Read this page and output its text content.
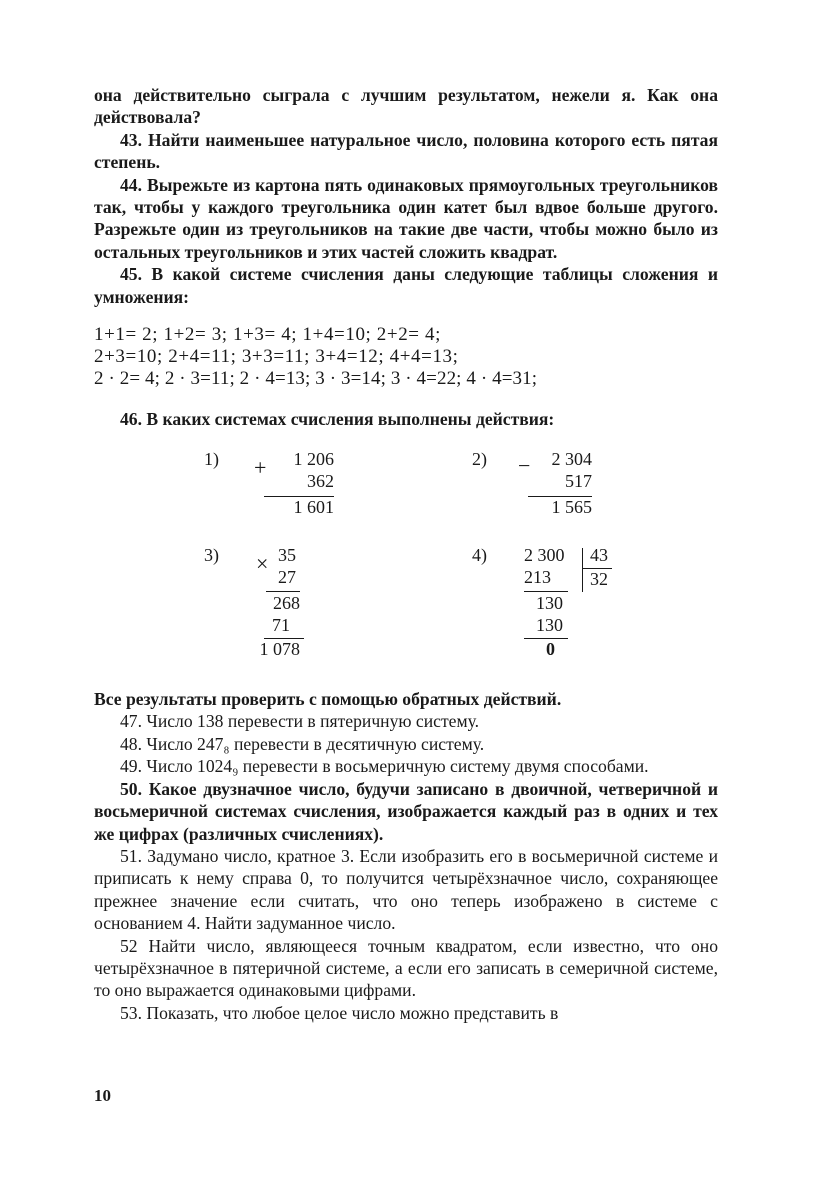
она действительно сыграла с лучшим результатом, нежели я. Как она действовала?

43. Найти наименьшее натуральное число, половина которого есть пятая степень.

44. Вырежьте из картона пять одинаковых прямоугольных треугольников так, чтобы у каждого треугольника один катет был вдвое больше другого. Разрежьте один из треугольников на такие две части, чтобы можно было из остальных треугольников и этих частей сложить квадрат.

45. В какой системе счисления даны следующие таблицы сложения и умножения:

1+1= 2; 1+2= 3; 1+3= 4; 1+4=10; 2+2= 4;
2+3=10; 2+4=11; 3+3=11; 3+4=12; 4+4=13;
2 · 2= 4; 2 · 3=11; 2 · 4=13; 3 · 3=14; 3 · 4=22; 4 · 4=31;

46. В каких системах счисления выполнены действия:

1) + 1 206
362
1 601
2) − 2 304
517
1 565
3) × 35
27
268
71
1 078
4) 2 300 43
213 32
130
130
0

Все результаты проверить с помощью обратных действий.

47. Число 138 перевести в пятеричную систему.

48. Число 247₈ перевести в десятичную систему.

49. Число 1024₉ перевести в восьмеричную систему двумя способами.

50. Какое двузначное число, будучи записано в двоичной, четверичной и восьмеричной системах счисления, изображается каждый раз в одних и тех же цифрах (различных счислениях).

51. Задумано число, кратное 3. Если изобразить его в восьмеричной системе и приписать к нему справа 0, то получится четырёхзначное число, сохраняющее прежнее значение если считать, что оно теперь изображено в системе с основанием 4. Найти задуманное число.

52 Найти число, являющееся точным квадратом, если известно, что оно четырёхзначное в пятеричной системе, а если его записать в семеричной системе, то оно выражается одинаковыми цифрами.

53. Показать, что любое целое число можно представить в

10
